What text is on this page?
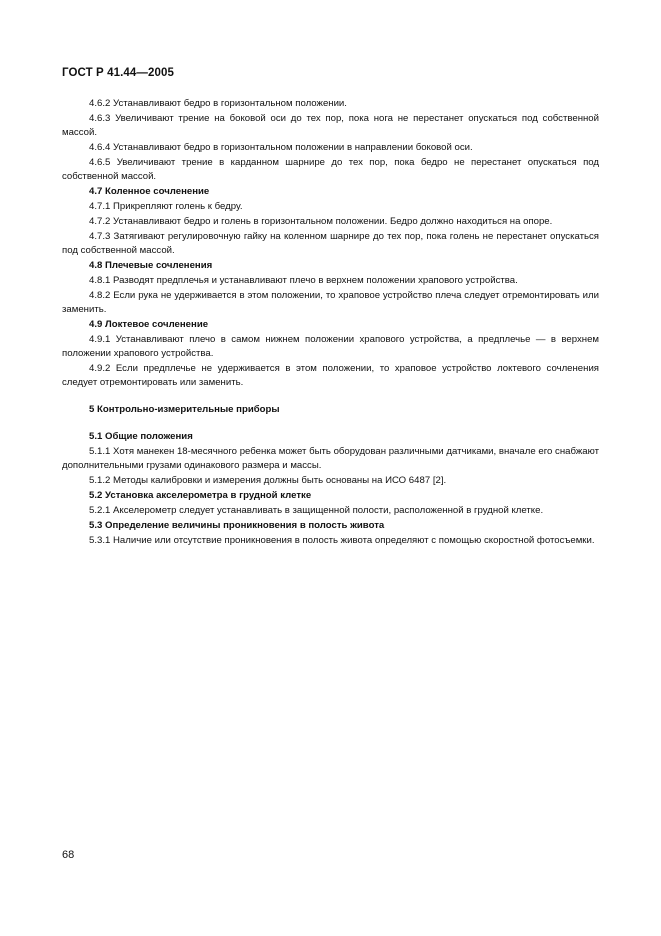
ГОСТ Р 41.44—2005

4.6.2 Устанавливают бедро в горизонтальном положении.

4.6.3 Увеличивают трение на боковой оси до тех пор, пока нога не перестанет опускаться под собственной массой.

4.6.4 Устанавливают бедро в горизонтальном положении в направлении боковой оси.

4.6.5 Увеличивают трение в карданном шарнире до тех пор, пока бедро не перестанет опускаться под собственной массой.

4.7 Коленное сочленение

4.7.1 Прикрепляют голень к бедру.

4.7.2 Устанавливают бедро и голень в горизонтальном положении. Бедро должно находиться на опоре.

4.7.3 Затягивают регулировочную гайку на коленном шарнире до тех пор, пока голень не перестанет опускаться под собственной массой.

4.8 Плечевые сочленения

4.8.1 Разводят предплечья и устанавливают плечо в верхнем положении храпового устройства.

4.8.2 Если рука не удерживается в этом положении, то храповое устройство плеча следует отремонтировать или заменить.

4.9 Локтевое сочленение

4.9.1 Устанавливают плечо в самом нижнем положении храпового устройства, а предплечье — в верхнем положении храпового устройства.

4.9.2 Если предплечье не удерживается в этом положении, то храповое устройство локтевого сочленения следует отремонтировать или заменить.

5 Контрольно-измерительные приборы

5.1 Общие положения

5.1.1 Хотя манекен 18-месячного ребенка может быть оборудован различными датчиками, вначале его снабжают дополнительными грузами одинакового размера и массы.

5.1.2 Методы калибровки и измерения должны быть основаны на ИСО 6487 [2].

5.2 Установка акселерометра в грудной клетке

5.2.1 Акселерометр следует устанавливать в защищенной полости, расположенной в грудной клетке.

5.3 Определение величины проникновения в полость живота

5.3.1 Наличие или отсутствие проникновения в полость живота определяют с помощью скоростной фотосъемки.

68
